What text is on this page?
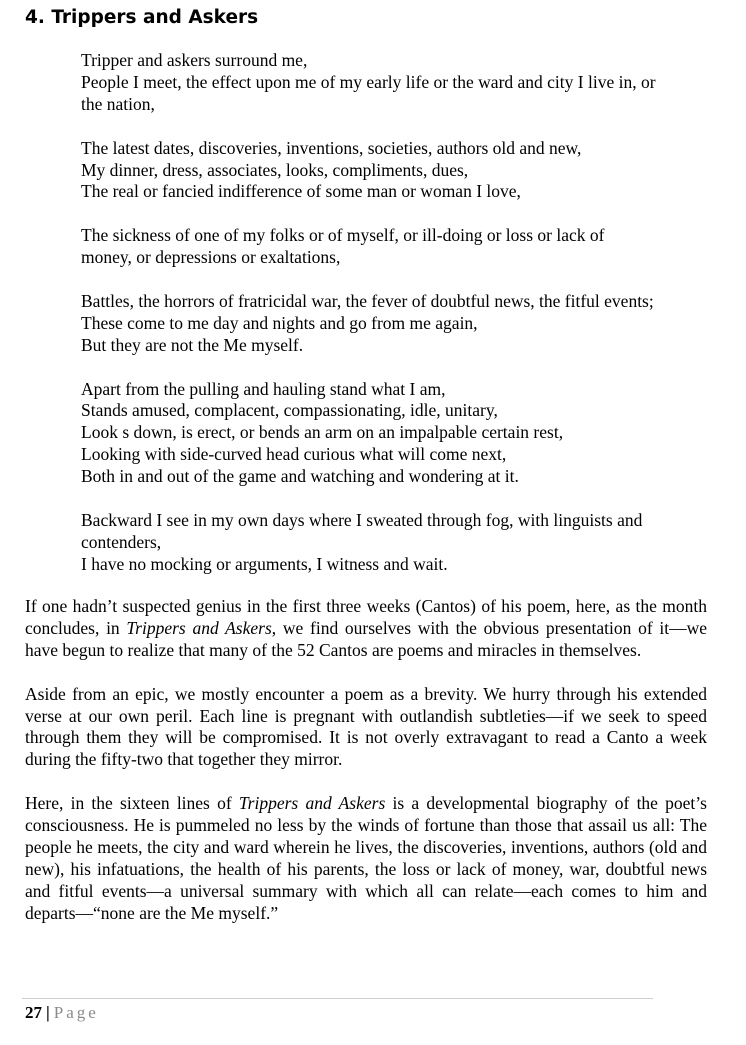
4. Trippers and Askers

Tripper and askers surround me,
People I meet, the effect upon me of my early life or the ward and city I live in, or
the nation,

The latest dates, discoveries, inventions, societies, authors old and new,
My dinner, dress, associates, looks, compliments, dues,
The real or fancied indifference of some man or woman I love,

The sickness of one of my folks or of myself, or ill-doing or loss or lack of
money, or depressions or exaltations,

Battles, the horrors of fratricidal war, the fever of doubtful news, the fitful events;
These come to me day and nights and go from me again,
But they are not the Me myself.

Apart from the pulling and hauling stand what I am,
Stands amused, complacent, compassionating, idle, unitary,
Look s down, is erect, or bends an arm on an impalpable certain rest,
Looking with side-curved head curious what will come next,
Both in and out of the game and watching and wondering at it.

Backward I see in my own days where I sweated through fog, with linguists and
contenders,
I have no mocking or arguments, I witness and wait.

If one hadn’t suspected genius in the first three weeks (Cantos) of his poem, here, as the month concludes, in Trippers and Askers, we find ourselves with the obvious presentation of it—we have begun to realize that many of the 52 Cantos are poems and miracles in themselves.

Aside from an epic, we mostly encounter a poem as a brevity. We hurry through his extended verse at our own peril. Each line is pregnant with outlandish subtleties—if we seek to speed through them they will be compromised. It is not overly extravagant to read a Canto a week during the fifty-two that together they mirror.

Here, in the sixteen lines of Trippers and Askers is a developmental biography of the poet’s consciousness. He is pummeled no less by the winds of fortune than those that assail us all: The people he meets, the city and ward wherein he lives, the discoveries, inventions, authors (old and new), his infatuations, the health of his parents, the loss or lack of money, war, doubtful news and fitful events—a universal summary with which all can relate—each comes to him and departs—“none are the Me myself.”

27 | Page
